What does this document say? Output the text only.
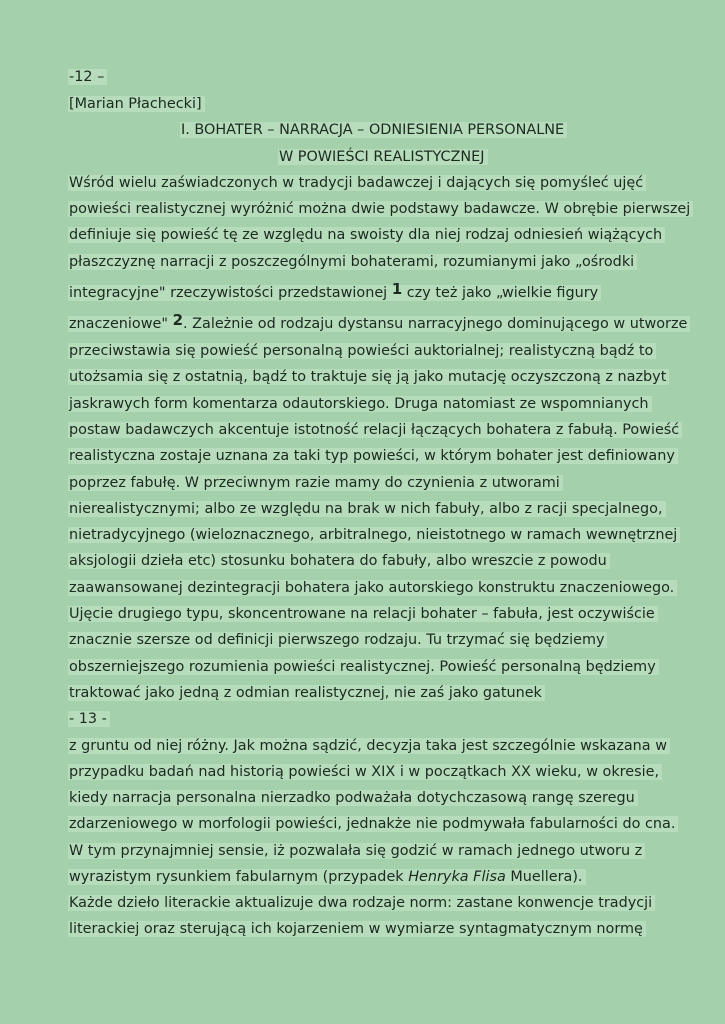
-12 –
[Marian Płachecki]
I. BOHATER – NARRACJA – ODNIESIENIA PERSONALNE
W POWIEŚCI REALISTYCZNEJ
Wśród wielu zaświadczonych w tradycji badawczej i dających się pomyśleć ujęć
powieści realistycznej wyróżnić można dwie podstawy badawcze. W obrębie pierwszej
definiuje się powieść tę ze względu na swoisty dla niej rodzaj odniesień wiążących
płaszczyznę narracji z poszczególnymi bohaterami, rozumianymi jako „ośrodki
integracyjne" rzeczywistości przedstawionej 1 czy też jako „wielkie figury
znaczeniowe" 2. Zależnie od rodzaju dystansu narracyjnego dominującego w utworze
przeciwstawia się powieść personalną powieści auktorialnej; realistyczną bądź to
utożsamia się z ostatnią, bądź to traktuje się ją jako mutację oczyszczoną z nazbyt
jaskrawych form komentarza odautorskiego. Druga natomiast ze wspomnianych
postaw badawczych akcentuje istotność relacji łączących bohatera z fabułą. Powieść
realistyczna zostaje uznana za taki typ powieści, w którym bohater jest definiowany
poprzez fabułę. W przeciwnym razie mamy do czynienia z utworami
nierealistycznymi; albo ze względu na brak w nich fabuły, albo z racji specjalnego,
nietradycyjnego (wieloznacznego, arbitralnego, nieistotnego w ramach wewnętrznej
aksjologii dzieła etc) stosunku bohatera do fabuły, albo wreszcie z powodu
zaawansowanej dezintegracji bohatera jako autorskiego konstruktu znaczeniowego.
Ujęcie drugiego typu, skoncentrowane na relacji bohater – fabuła, jest oczywiście
znacznie szersze od definicji pierwszego rodzaju. Tu trzymać się będziemy
obszerniejszego rozumienia powieści realistycznej. Powieść personalną będziemy
traktować jako jedną z odmian realistycznej, nie zaś jako gatunek
- 13 -
z gruntu od niej różny. Jak można sądzić, decyzja taka jest szczególnie wskazana w
przypadku badań nad historią powieści w XIX i w początkach XX wieku, w okresie,
kiedy narracja personalna nierzadko podważała dotychczasową rangę szeregu
zdarzeniowego w morfologii powieści, jednakże nie podmywała fabularności do cna.
W tym przynajmniej sensie, iż pozwalała się godzić w ramach jednego utworu z
wyrazistym rysunkiem fabularnym (przypadek Henryka Flisa Muellera).
Każde dzieło literackie aktualizuje dwa rodzaje norm: zastane konwencje tradycji
literackiej oraz sterującą ich kojarzeniem w wymiarze syntagmatycznym normę
